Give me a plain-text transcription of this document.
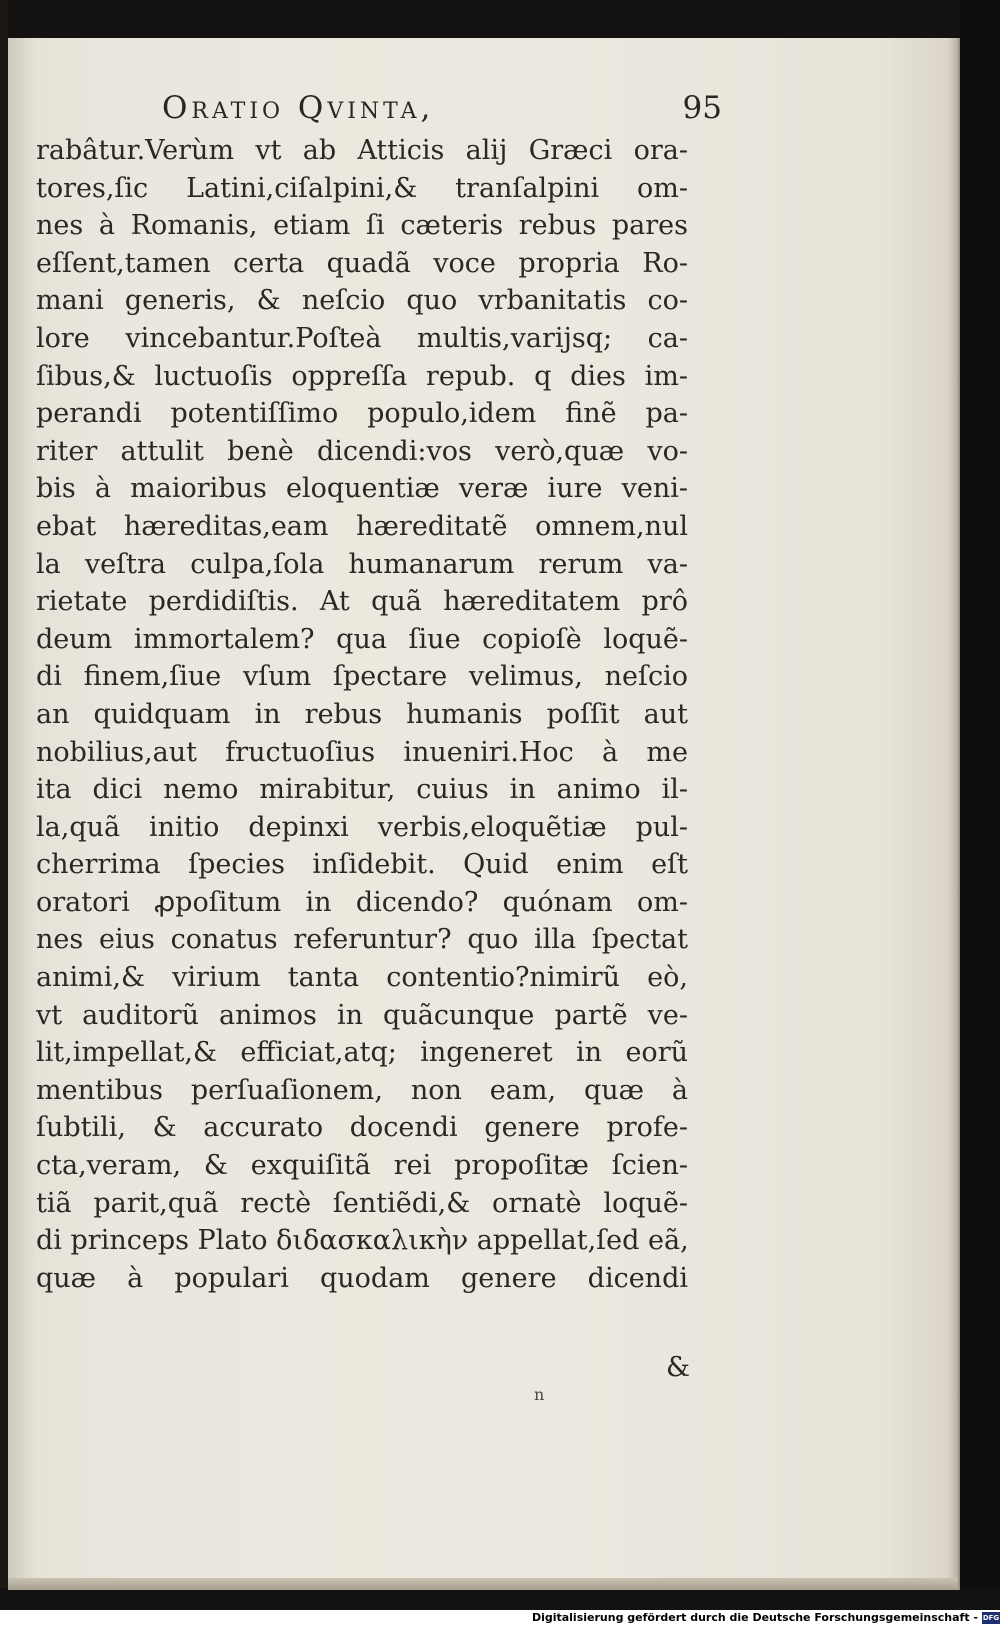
Oratio Qvinta,	95
rabâtur.Verùm vt ab Atticis alij Græci ora-
tores,ſic Latini,ciſalpini,& tranſalpini om-
nes à Romanis, etiam ſi cæteris rebus pares
eſſent,tamen certa quadã voce propria Ro-
mani generis, & neſcio quo vrbanitatis co-
lore vincebantur.Poſteà multis,varijsq; ca-
ſibus,& luctuoſis oppreſſa repub. q dies im-
perandi potentiſſimo populo,idem finẽ pa-
riter attulit benè dicendi:vos verò,quæ vo-
bis à maioribus eloquentiæ veræ iure veni-
ebat hæreditas,eam hæreditatẽ omnem,nul
la veſtra culpa,ſola humanarum rerum va-
rietate perdidiſtis. At quã hæreditatem prô
deum immortalem? qua ſiue copioſè loquẽ-
di finem,ſiue vſum ſpectare velimus, neſcio
an quidquam in rebus humanis poſſit aut
nobilius,aut fructuoſius inueniri.Hoc à me
ita dici nemo mirabitur, cuius in animo il-
la,quã initio depinxi verbis,eloquẽtiæ pul-
cherrima ſpecies inſidebit. Quid enim eſt
oratori ꝓpoſitum in dicendo? quónam om-
nes eius conatus referuntur? quo illa ſpectat
animi,& virium tanta contentio?nimirũ eò,
vt auditorũ animos in quãcunque partẽ ve-
lit,impellat,& efficiat,atq; ingeneret in eorũ
mentibus perſuaſionem, non eam, quæ à
ſubtili, & accurato docendi genere profe-
cta,veram, & exquiſitã rei propoſitæ ſcien-
tiã parit,quã rectè ſentiẽdi,& ornatè loquẽ-
di princeps Plato διδασκαλικὴν appellat,ſed eã,
quæ à populari quodam genere dicendi
&
n
Digitalisierung gefördert durch die Deutsche Forschungsgemeinschaft - DFG
